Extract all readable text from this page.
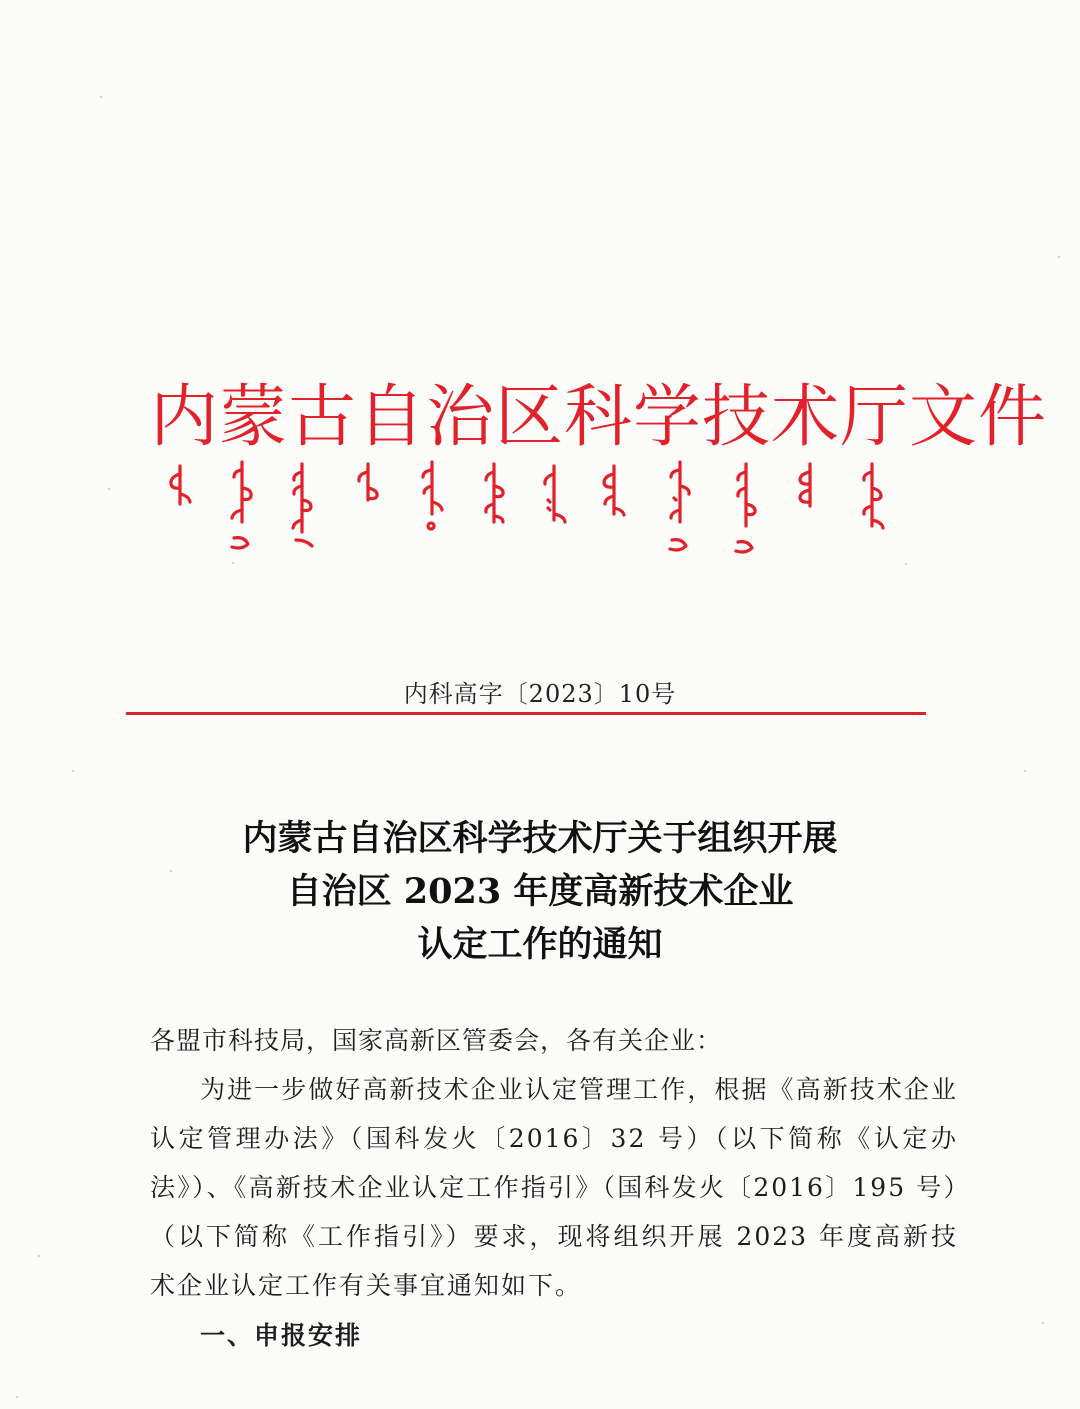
内蒙古自治区科学技术厅文件
内科高字〔2023〕10号
内蒙古自治区科学技术厅关于组织开展
自治区 2023 年度高新技术企业
认定工作的通知
各盟市科技局，国家高新区管委会，各有关企业：
为进一步做好高新技术企业认定管理工作，根据《高新技术企业认定管理办法》（国科发火〔2016〕32 号）（以下简称《认定办法》）、《高新技术企业认定工作指引》（国科发火〔2016〕195 号）（以下简称《工作指引》）要求，现将组织开展 2023 年度高新技术企业认定工作有关事宜通知如下。
一、申报安排
